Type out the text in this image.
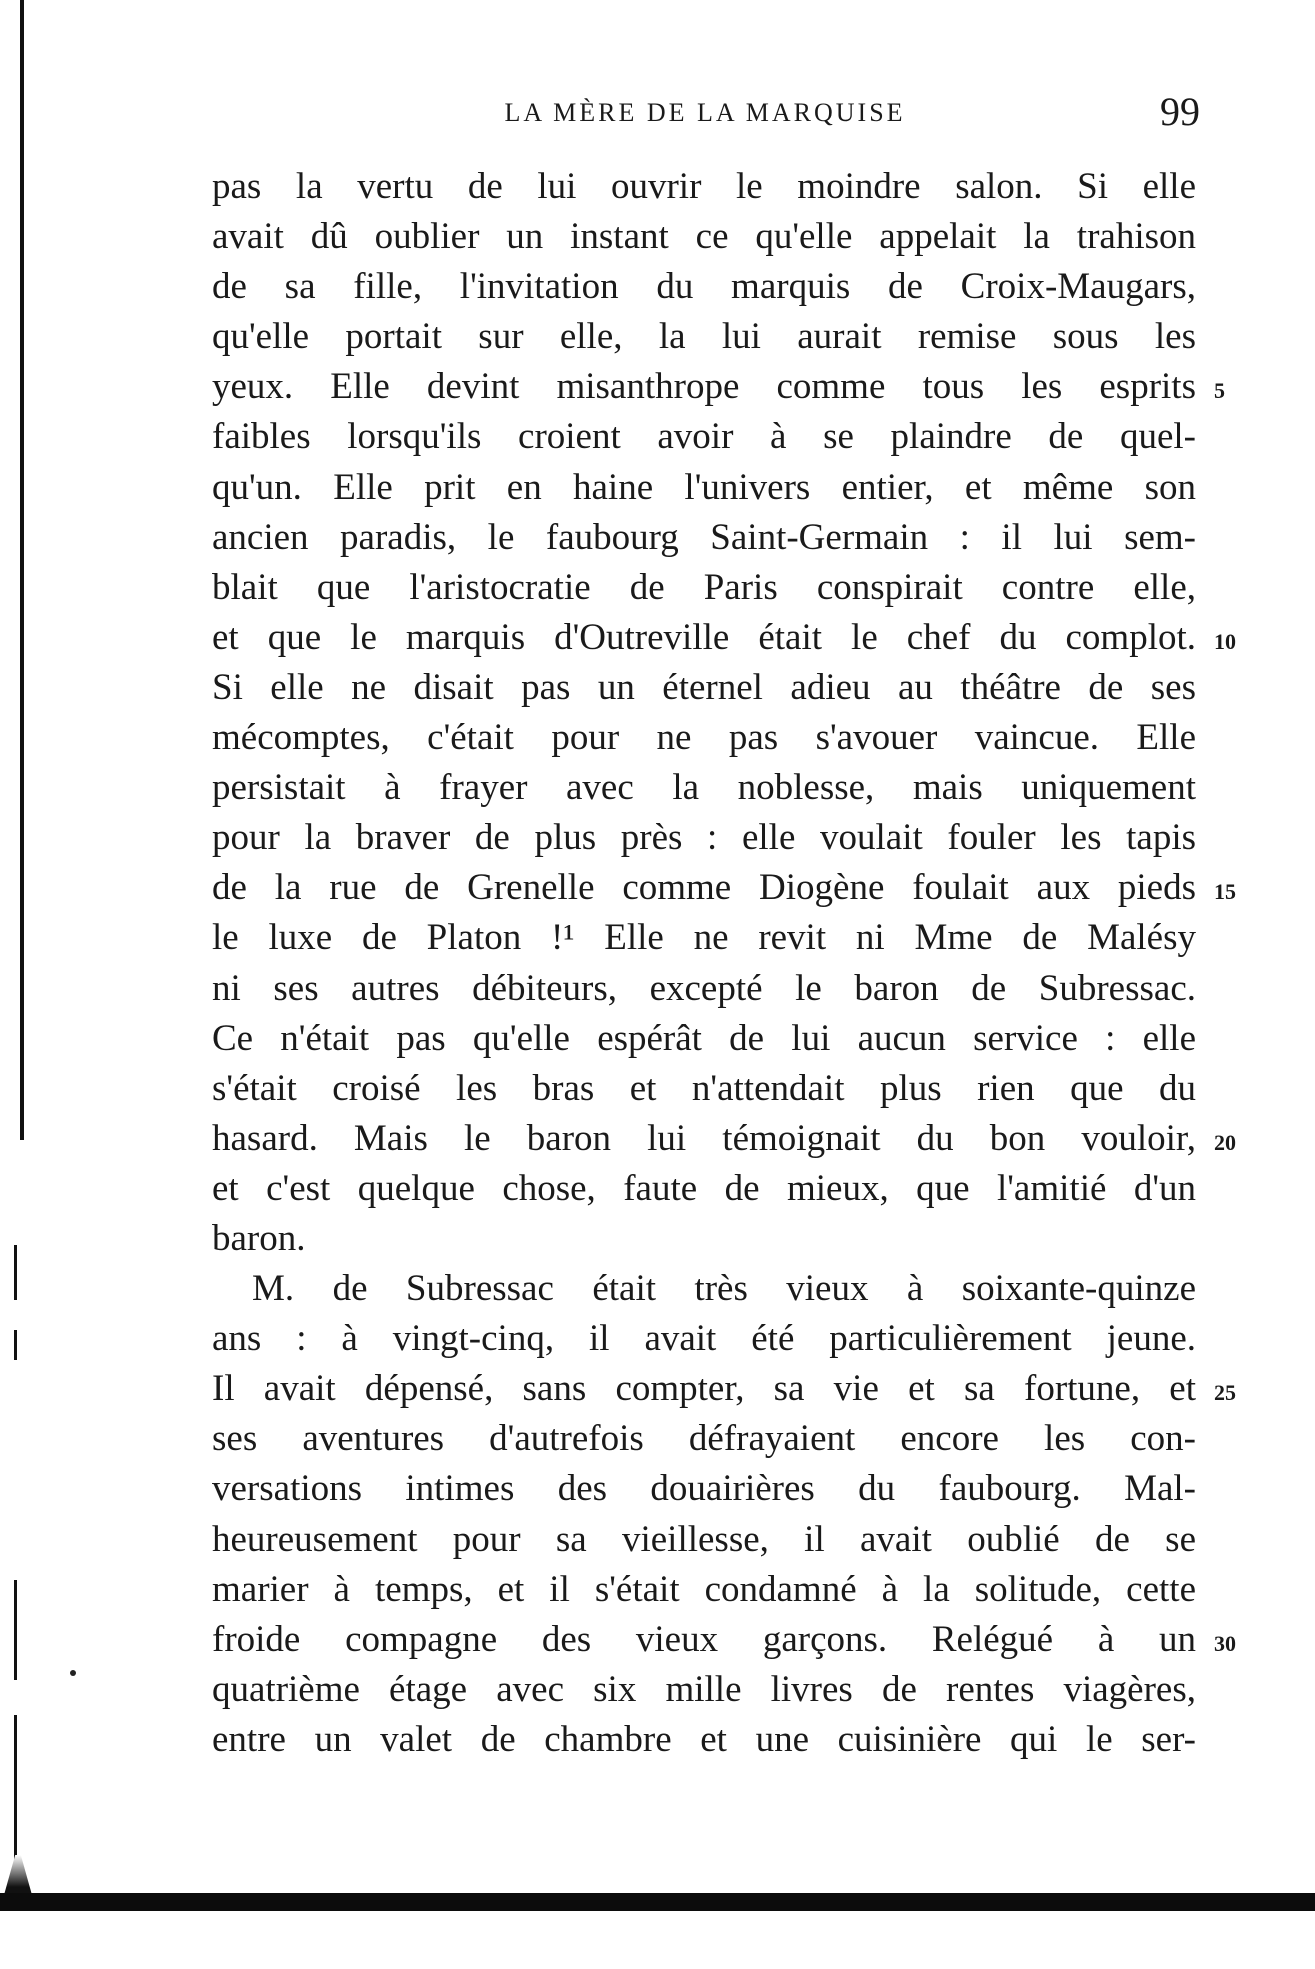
LA MÈRE DE LA MARQUISE	99
pas la vertu de lui ouvrir le moindre salon. Si elle
avait dû oublier un instant ce qu'elle appelait la trahison
de sa fille, l'invitation du marquis de Croix-Maugars,
qu'elle portait sur elle, la lui aurait remise sous les
yeux. Elle devint misanthrope comme tous les esprits
faibles lorsqu'ils croient avoir à se plaindre de quel-
qu'un. Elle prit en haine l'univers entier, et même son
ancien paradis, le faubourg Saint-Germain : il lui sem-
blait que l'aristocratie de Paris conspirait contre elle,
et que le marquis d'Outreville était le chef du complot.
Si elle ne disait pas un éternel adieu au théâtre de ses
mécomptes, c'était pour ne pas s'avouer vaincue. Elle
persistait à frayer avec la noblesse, mais uniquement
pour la braver de plus près : elle voulait fouler les tapis
de la rue de Grenelle comme Diogène foulait aux pieds
le luxe de Platon !¹ Elle ne revit ni Mme de Malésy
ni ses autres débiteurs, excepté le baron de Subressac.
Ce n'était pas qu'elle espérât de lui aucun service : elle
s'était croisé les bras et n'attendait plus rien que du
hasard. Mais le baron lui témoignait du bon vouloir,
et c'est quelque chose, faute de mieux, que l'amitié d'un
baron.
M. de Subressac était très vieux à soixante-quinze
ans : à vingt-cinq, il avait été particulièrement jeune.
Il avait dépensé, sans compter, sa vie et sa fortune, et
ses aventures d'autrefois défrayaient encore les con-
versations intimes des douairières du faubourg. Mal-
heureusement pour sa vieillesse, il avait oublié de se
marier à temps, et il s'était condamné à la solitude, cette
froide compagne des vieux garçons. Relégué à un
quatrième étage avec six mille livres de rentes viagères,
entre un valet de chambre et une cuisinière qui le ser-
5
10
15
20
25
30
